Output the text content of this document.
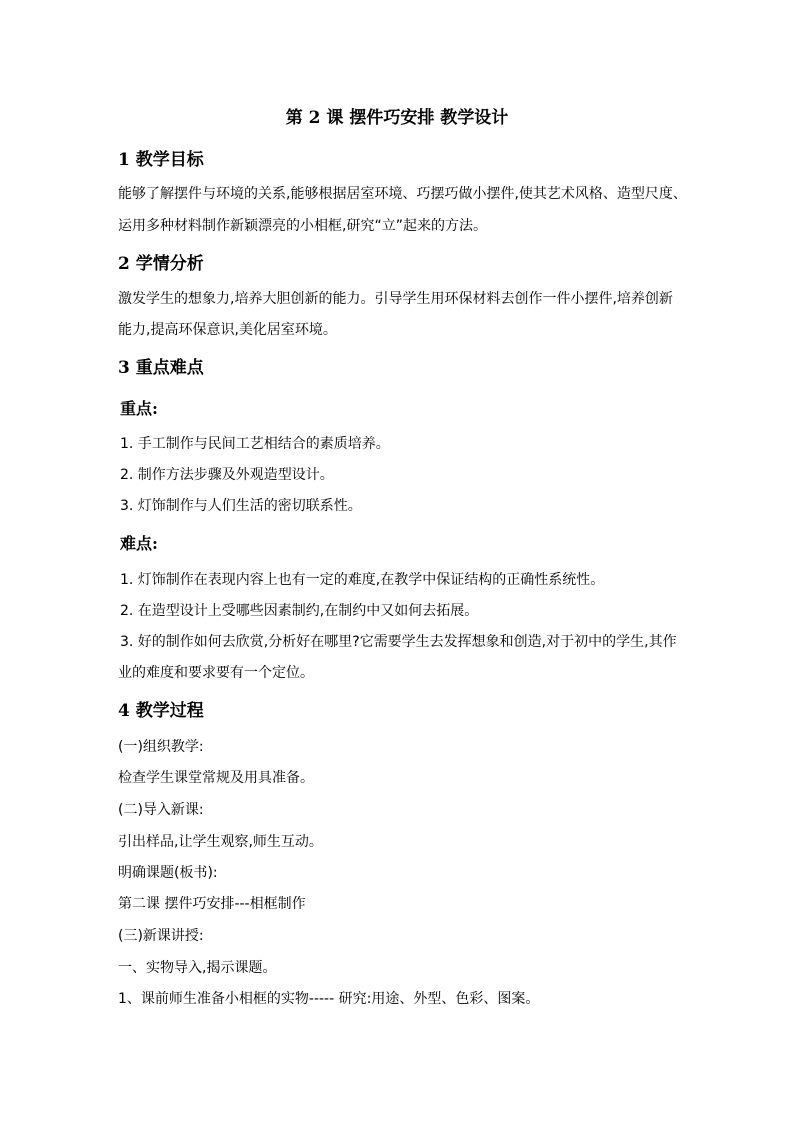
第 2 课 摆件巧安排 教学设计
1 教学目标
能够了解摆件与环境的关系,能够根据居室环境、巧摆巧做小摆件,使其艺术风格、造型尺度、
运用多种材料制作新颖漂亮的小相框,研究“立”起来的方法。
2 学情分析
激发学生的想象力,培养大胆创新的能力。引导学生用环保材料去创作一件小摆件,培养创新
能力,提高环保意识,美化居室环境。
3 重点难点
重点:
1. 手工制作与民间工艺相结合的素质培养。
2. 制作方法步骤及外观造型设计。
3. 灯饰制作与人们生活的密切联系性。
难点:
1. 灯饰制作在表现内容上也有一定的难度,在教学中保证结构的正确性系统性。
2. 在造型设计上受哪些因素制约,在制约中又如何去拓展。
3. 好的制作如何去欣赏,分析好在哪里?它需要学生去发挥想象和创造,对于初中的学生,其作
业的难度和要求要有一个定位。
4 教学过程
(一)组织教学:
检查学生课堂常规及用具准备。
(二)导入新课:
引出样品,让学生观察,师生互动。
明确课题(板书):
第二课 摆件巧安排---相框制作
(三)新课讲授:
一、实物导入,揭示课题。
1、课前师生准备小相框的实物----- 研究:用途、外型、色彩、图案。
